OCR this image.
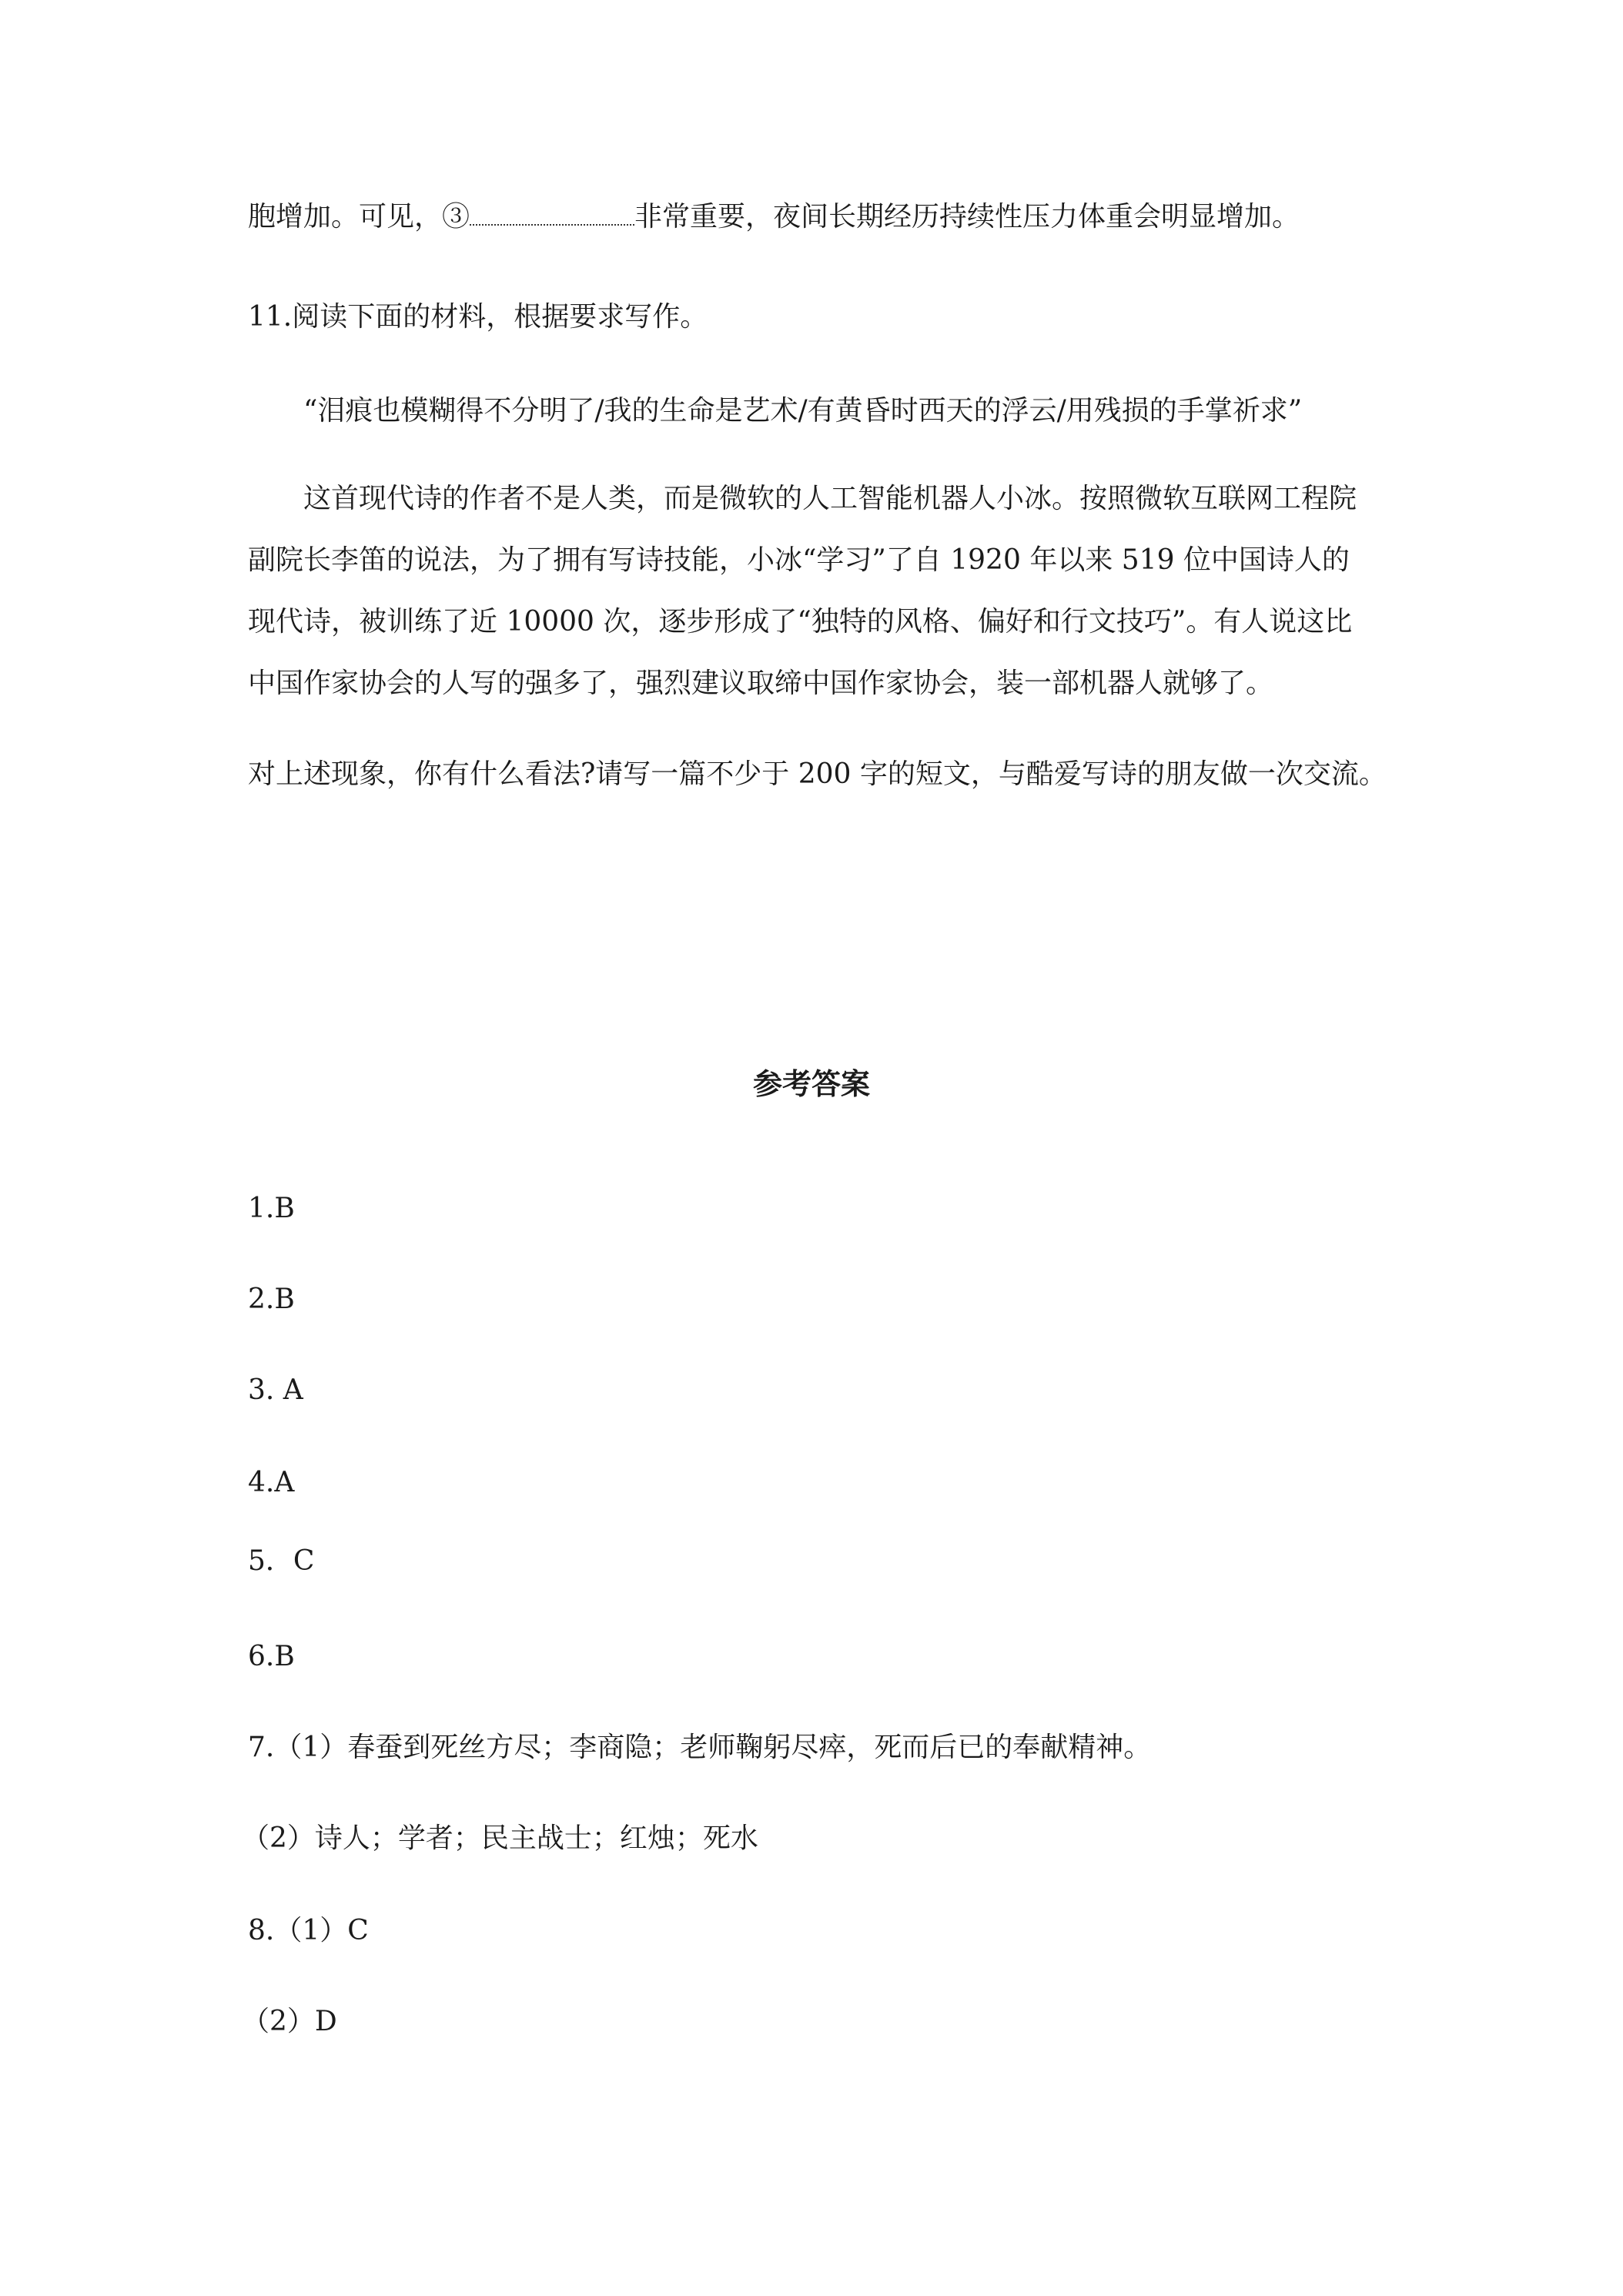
胞增加。可见，③	非常重要，夜间长期经历持续性压力体重会明显增加。
11.阅读下面的材料，根据要求写作。
“泪痕也模糊得不分明了/我的生命是艺术/有黄昏时西天的浮云/用残损的手掌祈求”
这首现代诗的作者不是人类，而是微软的人工智能机器人小冰。按照微软互联网工程院
副院长李笛的说法，为了拥有写诗技能，小冰“学习”了自 1920 年以来 519 位中国诗人的
现代诗，被训练了近 10000 次，逐步形成了“独特的风格、偏好和行文技巧”。有人说这比
中国作家协会的人写的强多了，强烈建议取缔中国作家协会，装一部机器人就够了。
对上述现象，你有什么看法?请写一篇不少于 200 字的短文，与酷爱写诗的朋友做一次交流。
参考答案
1.B
2.B
3. A
4.A
5．C
6.B
7.（1）春蚕到死丝方尽；李商隐；老师鞠躬尽瘁，死而后已的奉献精神。
（2）诗人；学者；民主战士；红烛；死水
8.（1）C
（2）D
